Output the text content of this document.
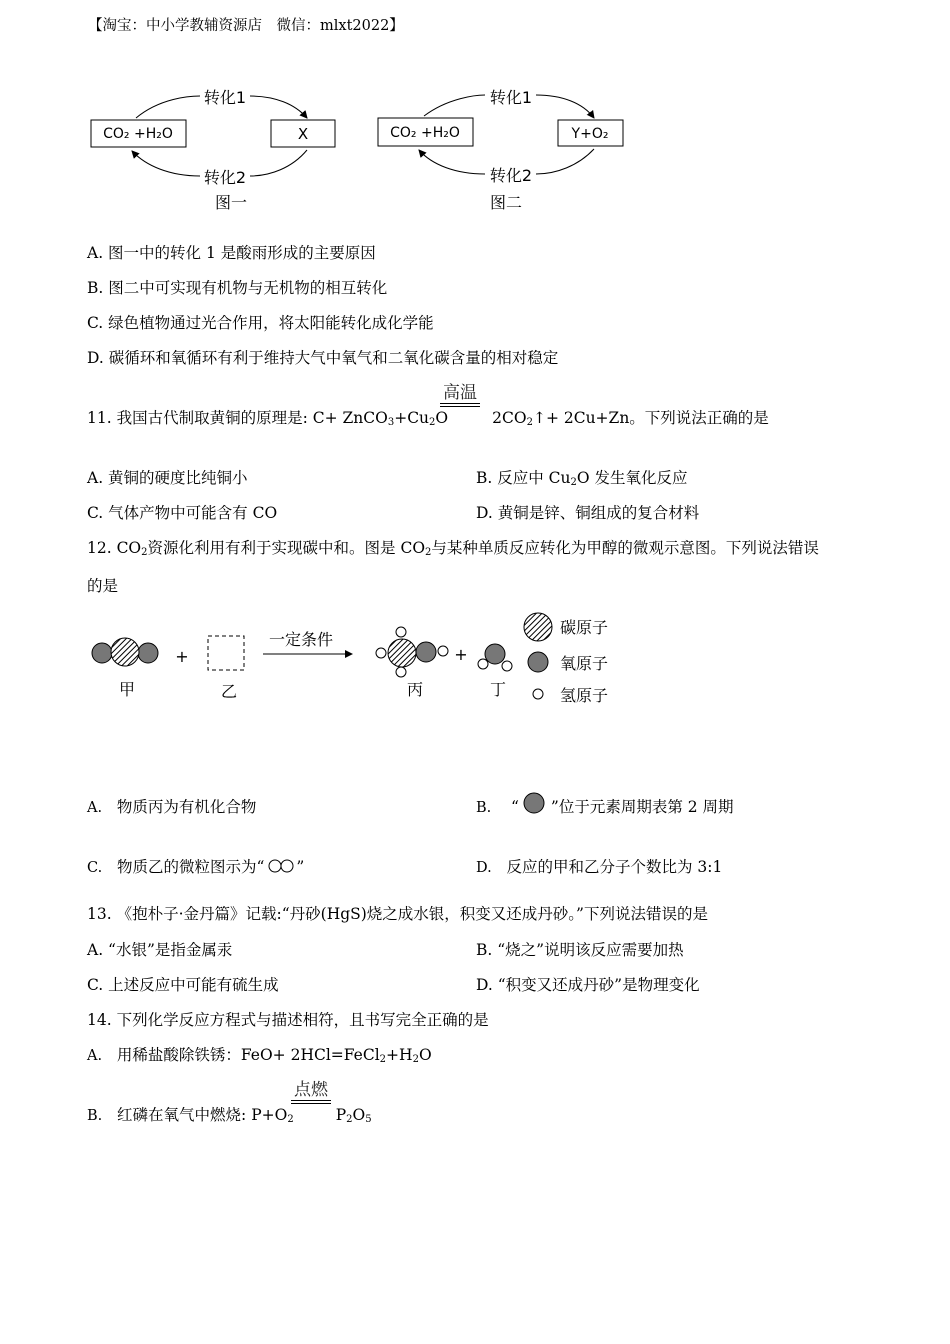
【淘宝：中小学教辅资源店　微信：mlxt2022】
CO₂ +H₂O	X
转化1
转化2
图一
CO₂ +H₂O	Y+O₂
转化1
转化2
图二
A. 图一中的转化 1 是酸雨形成的主要原因
B. 图二中可实现有机物与无机物的相互转化
C. 绿色植物通过光合作用，将太阳能转化成化学能
D. 碳循环和氧循环有利于维持大气中氧气和二氧化碳含量的相对稳定
11. 我国古代制取黄铜的原理是: $C+ ZnCO_3+Cu_2O$	$2CO_2↑+ 2Cu+Zn$。下列说法正确的是
高温
A. 黄铜的硬度比纯铜小	B. 反应中 $Cu_2O$ 发生氧化反应
C. 气体产物中可能含有 CO	D. 黄铜是锌、铜组成的复合材料
12. $CO_2$资源化利用有利于实现碳中和。图是 $CO_2$与某种单质反应转化为甲醇的微观示意图。下列说法错误
的是
甲
+
乙
一定条件
丙
+
丁
碳原子
氧原子
氢原子
A. 物质丙为有机化合物	B. “ ”位于元素周期表第 2 周期
C. 物质乙的微粒图示为“ ”	D. 反应的甲和乙分子个数比为 3:1
13. 《抱朴子·金丹篇》记载:“丹砂(HgS)烧之成水银，积变又还成丹砂。”下列说法错误的是
A. “水银”是指金属汞	B. “烧之”说明该反应需要加热
C. 上述反应中可能有硫生成	D. “积变又还成丹砂”是物理变化
14. 下列化学反应方程式与描述相符，且书写完全正确的是
A. 用稀盐酸除铁锈：$FeO+ 2HCl=FeCl_2+H_2O$
B. 红磷在氧气中燃烧: $P+O_2$	$P_2O_5$
点燃
